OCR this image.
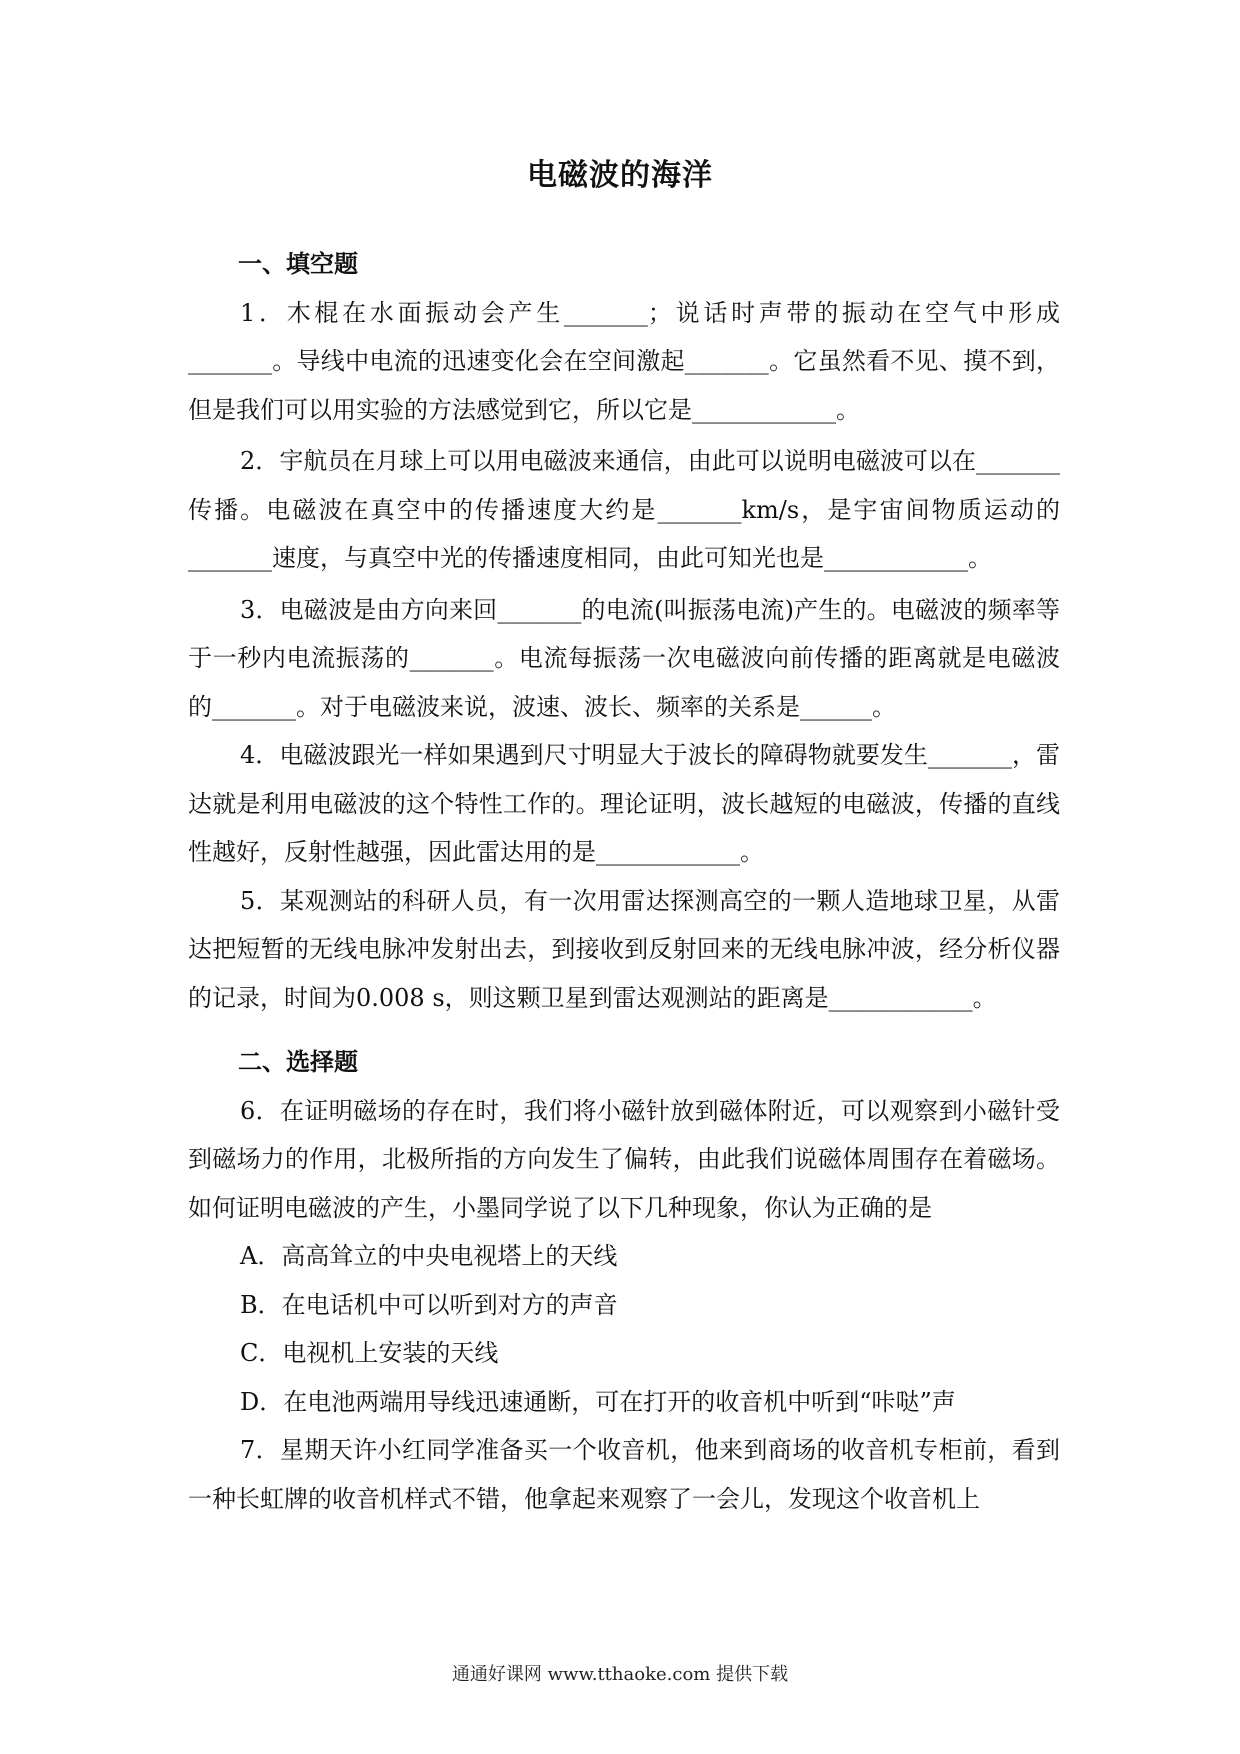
电磁波的海洋

一、填空题

1．木棍在水面振动会产生_______；说话时声带的振动在空气中形成_______。导线中电流的迅速变化会在空间激起_______。它虽然看不见、摸不到，但是我们可以用实验的方法感觉到它，所以它是____________。

2．宇航员在月球上可以用电磁波来通信，由此可以说明电磁波可以在_______传播。电磁波在真空中的传播速度大约是_______km/s，是宇宙间物质运动的_______速度，与真空中光的传播速度相同，由此可知光也是____________。

3．电磁波是由方向来回_______的电流(叫振荡电流)产生的。电磁波的频率等于一秒内电流振荡的_______。电流每振荡一次电磁波向前传播的距离就是电磁波的_______。对于电磁波来说，波速、波长、频率的关系是______。

4．电磁波跟光一样如果遇到尺寸明显大于波长的障碍物就要发生_______，雷达就是利用电磁波的这个特性工作的。理论证明，波长越短的电磁波，传播的直线性越好，反射性越强，因此雷达用的是____________。

5．某观测站的科研人员，有一次用雷达探测高空的一颗人造地球卫星，从雷达把短暂的无线电脉冲发射出去，到接收到反射回来的无线电脉冲波，经分析仪器的记录，时间为0.008 s，则这颗卫星到雷达观测站的距离是____________。

二、选择题

6．在证明磁场的存在时，我们将小磁针放到磁体附近，可以观察到小磁针受到磁场力的作用，北极所指的方向发生了偏转，由此我们说磁体周围存在着磁场。如何证明电磁波的产生，小墨同学说了以下几种现象，你认为正确的是

A．高高耸立的中央电视塔上的天线

B．在电话机中可以听到对方的声音

C．电视机上安装的天线

D．在电池两端用导线迅速通断，可在打开的收音机中听到“咔哒”声

7．星期天许小红同学准备买一个收音机，他来到商场的收音机专柜前，看到一种长虹牌的收音机样式不错，他拿起来观察了一会儿，发现这个收音机上

通通好课网 www.tthaoke.com 提供下载
